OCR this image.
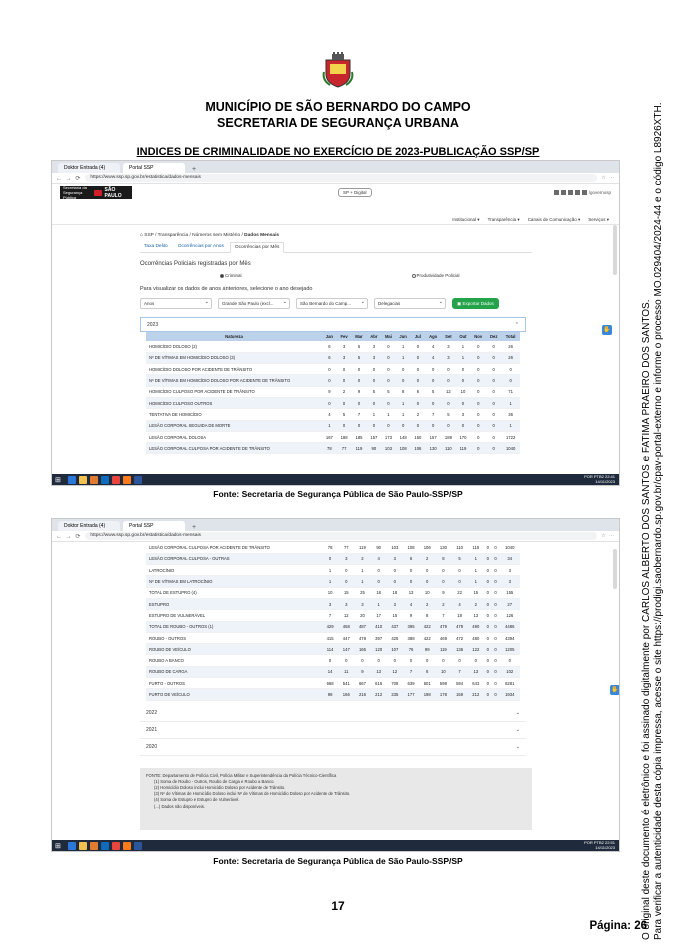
MUNICÍPIO DE SÃO BERNARDO DO CAMPO
SECRETARIA DE SEGURANÇA URBANA
INDICES DE CRIMINALIDADE NO EXERCÍCIO DE 2023-PUBLICAÇÃO SSP/SP
Doktor Entrada (4)	Portal SSP	+
← → ⟳	https://www.ssp.sp.gov.br/estatistica/dados-mensais	☆ ⋯
Secretaria da
Segurança Pública
SÃO PAULO	SP + Digital	/governosp
Institucional ▾ Transparência ▾ Canais de Comunicação ▾ Serviços ▾
⌂ SSP / Transparência / Números sem Mistério / Dados Mensais
Taxa Delito	Ocorrências por Anos	Ocorrências por Mês
Ocorrências Policiais registradas por Mês
Criminal	Produtividade Policial
Para visualizar os dados de anos anteriores, selecione o ano desejado
Anos ⌄	Grande São Paulo (excl... ⌄	São Bernardo do Camp... ⌄	Delegacias ⌄	▣ Exportar Dados
2023	⌃
Natureza	Jan	Fev	Mar	Abr	Mai	Jun	Jul	Ago	Set	Out	Nov	Dez	Total
HOMICÍDIO DOLOSO (2)	6	3	5	3	0	1	0	4	3	1	0	0	26
Nº DE VÍTIMAS EM HOMICÍDIO DOLOSO (3)	6	3	5	3	0	1	0	4	3	1	0	0	26
HOMICÍDIO DOLOSO POR ACIDENTE DE TRÂNSITO	0	0	0	0	0	0	0	0	0	0	0	0	0
Nº DE VÍTIMAS EM HOMICÍDIO DOLOSO POR ACIDENTE DE TRÂNSITO	0	0	0	0	0	0	0	0	0	0	0	0	0
HOMICÍDIO CULPOSO POR ACIDENTE DE TRÂNSITO	9	2	9	5	5	8	6	5	12	10	0	0	71
HOMICÍDIO CULPOSO OUTROS	0	0	0	0	0	1	0	0	0	0	0	0	1
TENTATIVA DE HOMICÍDIO	4	5	7	1	1	1	2	7	5	3	0	0	36
LESÃO CORPORAL SEGUIDA DE MORTE	1	0	0	0	0	0	0	0	0	0	0	0	1
LESÃO CORPORAL DOLOSA	167	188	185	157	173	148	150	157	189	170	0	0	1722
LESÃO CORPORAL CULPOSA POR ACIDENTE DE TRÂNSITO	78	77	119	90	103	108	106	130	110	119	0	0	1040
✋
⊞	POR PTB2 22:41
14/11/2023
Fonte: Secretaria de Segurança Pública de São Paulo-SSP/SP
Doktor Entrada (4)	Portal SSP	+
← → ⟳	https://www.ssp.sp.gov.br/estatistica/dados-mensais	☆ ⋯
LESÃO CORPORAL CULPOSA POR ACIDENTE DE TRÂNSITO	78	77	119	90	103	108	106	130	110	119	0	0	1040
LESÃO CORPORAL CULPOSA - OUTRAS	0	3	2	4	3	6	2	8	5	1	0	0	34
LATROCÍNIO	1	0	1	0	0	0	0	0	0	1	0	0	3
Nº DE VÍTIMAS EM LATROCÍNIO	1	0	1	0	0	0	0	0	0	1	0	0	3
TOTAL DE ESTUPRO (4)	10	15	25	18	18	13	10	9	22	15	0	0	155
ESTUPRO	3	3	3	1	3	4	2	2	4	2	0	0	27
ESTUPRO DE VULNERÁVEL	7	12	20	17	15	9	8	7	18	13	0	0	126
TOTAL DE ROUBO - OUTROS (1)	429	458	487	410	437	395	422	479	479	490	0	0	4486
ROUBO - OUTROS	415	447	478	397	425	388	422	469	472	480	0	0	4394
ROUBO DE VEÍCULO	114	147	165	120	107	76	99	119	136	122	0	0	1205
ROUBO A BANCO	0	0	0	0	0	0	0	0	0	0	0	0	0
ROUBO DE CARGA	14	11	9	13	12	7	6	10	7	13	0	0	102
FURTO - OUTROS	668	541	667	616	708	639	601	598	594	643	0	0	6281
FURTO DE VEÍCULO	98	166	216	212	235	177	198	178	159	212	0	0	1934
2022	⌄
2021	⌄
2020	⌄
FONTE: Departamento de Polícia Civil, Polícia Militar e Superintendência da Polícia Técnico-Científica
(1) Soma de Roubo - Outros, Roubo de Carga e Roubo a Banco.
(2) Homicídio Doloso inclui Homicídio Doloso por Acidente de Trânsito.
(3) Nº de Vítimas de Homicídio Doloso inclui Nº de Vítimas de Homicídio Doloso por Acidente de Trânsito.
(4) Soma de Estupro e Estupro de Vulnerável.
(...) Dados não disponíveis.
✋
⊞	POR PTB2 22:51
14/11/2023
Fonte: Secretaria de Segurança Pública de São Paulo-SSP/SP
17
Página: 26
O original deste documento é eletrônico e foi assinado digitalmente por CARLOS ALBERTO DOS SANTOS e FATIMA PRAEIRO DOS SANTOS. Para verificar a autenticidade desta cópia impressa, acesse o site https://prodigi.saobernardo.sp.gov.br/cpav-portal-externo e informe o processo MO.029404/2024-44 e o código L8926XTH.
